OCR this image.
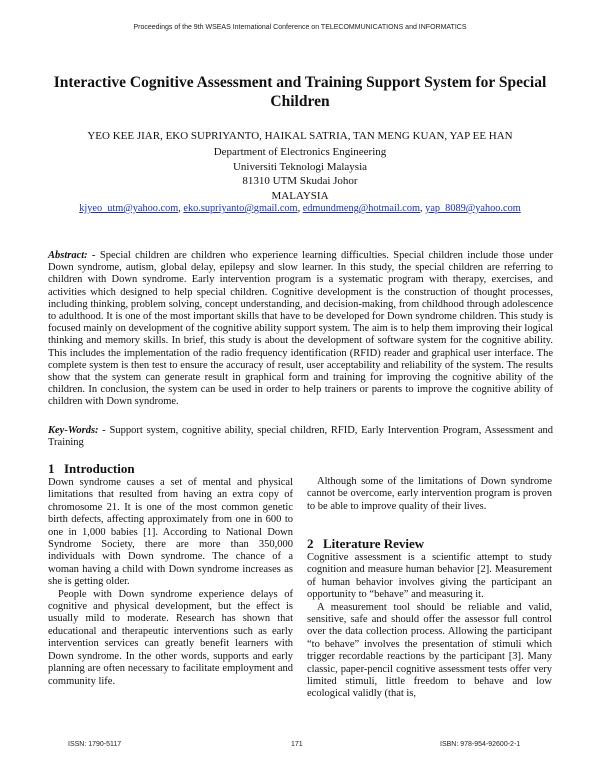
Proceedings of the 9th WSEAS International Conference on TELECOMMUNICATIONS and INFORMATICS
Interactive Cognitive Assessment and Training Support System for Special Children
YEO KEE JIAR, EKO SUPRIYANTO, HAIKAL SATRIA, TAN MENG KUAN, YAP EE HAN
Department of Electronics Engineering
Universiti Teknologi Malaysia
81310 UTM Skudai Johor
MALAYSIA
kjyeo_utm@yahoo.com, eko.supriyanto@gmail.com, edmundmeng@hotmail.com, yap_8089@yahoo.com
Abstract: - Special children are children who experience learning difficulties. Special children include those under Down syndrome, autism, global delay, epilepsy and slow learner. In this study, the special children are referring to children with Down syndrome. Early intervention program is a systematic program with therapy, exercises, and activities which designed to help special children. Cognitive development is the construction of thought processes, including thinking, problem solving, concept understanding, and decision-making, from childhood through adolescence to adulthood. It is one of the most important skills that have to be developed for Down syndrome children. This study is focused mainly on development of the cognitive ability support system. The aim is to help them improving their logical thinking and memory skills. In brief, this study is about the development of software system for the cognitive ability. This includes the implementation of the radio frequency identification (RFID) reader and graphical user interface. The complete system is then test to ensure the accuracy of result, user acceptability and reliability of the system. The results show that the system can generate result in graphical form and training for improving the cognitive ability of the children. In conclusion, the system can be used in order to help trainers or parents to improve the cognitive ability of children with Down syndrome.
Key-Words: - Support system, cognitive ability, special children, RFID, Early Intervention Program, Assessment and Training
1 Introduction

Down syndrome causes a set of mental and physical limitations that resulted from having an extra copy of chromosome 21. It is one of the most common genetic birth defects, affecting approximately from one in 600 to one in 1,000 babies [1]. According to National Down Syndrome Society, there are more than 350,000 individuals with Down syndrome. The chance of a woman having a child with Down syndrome increases as she is getting older.

People with Down syndrome experience delays of cognitive and physical development, but the effect is usually mild to moderate. Research has shown that educational and therapeutic interventions such as early intervention services can greatly benefit learners with Down syndrome. In the other words, supports and early planning are often necessary to facilitate employment and community life.

Although some of the limitations of Down syndrome cannot be overcome, early intervention program is proven to be able to improve quality of their lives.

2 Literature Review

Cognitive assessment is a scientific attempt to study cognition and measure human behavior [2]. Measurement of human behavior involves giving the participant an opportunity to “behave” and measuring it.

A measurement tool should be reliable and valid, sensitive, safe and should offer the assessor full control over the data collection process. Allowing the participant “to behave” involves the presentation of stimuli which trigger recordable reactions by the participant [3]. Many classic, paper-pencil cognitive assessment tests offer very limited stimuli, little freedom to behave and low ecological validly (that is,

ISSN: 1790-5117	171	ISBN: 978-954-92600-2-1
